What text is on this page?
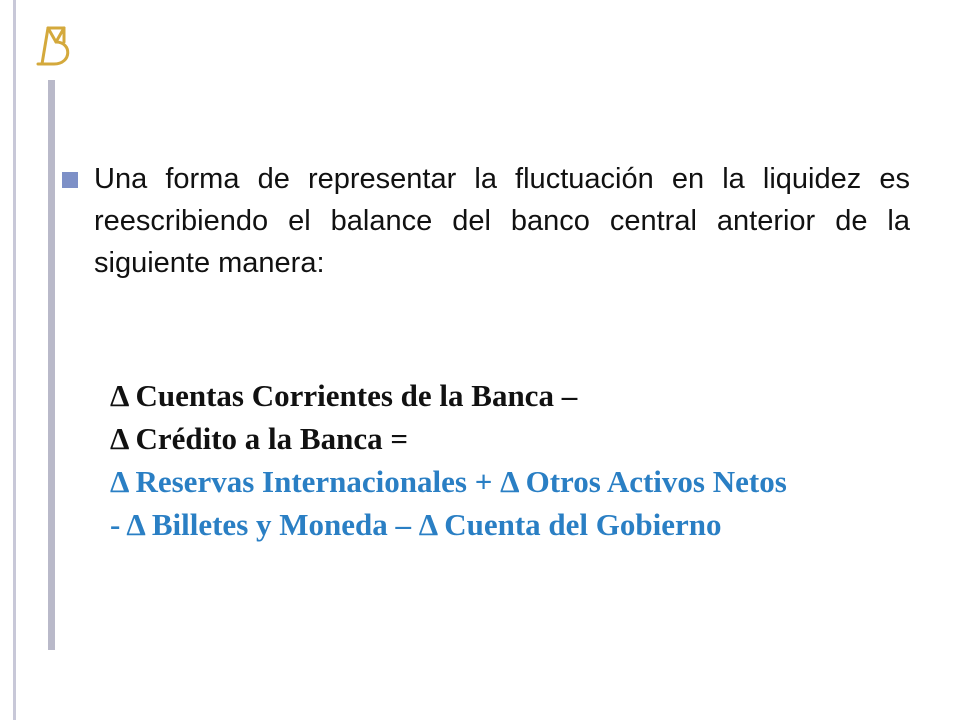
Una forma de representar la fluctuación en la liquidez es reescribiendo el balance del banco central anterior de la siguiente manera:
Δ Cuentas Corrientes de la Banca –
Δ Crédito a la Banca =
Δ Reservas Internacionales + Δ Otros Activos Netos
- Δ Billetes y Moneda – Δ Cuenta del Gobierno
